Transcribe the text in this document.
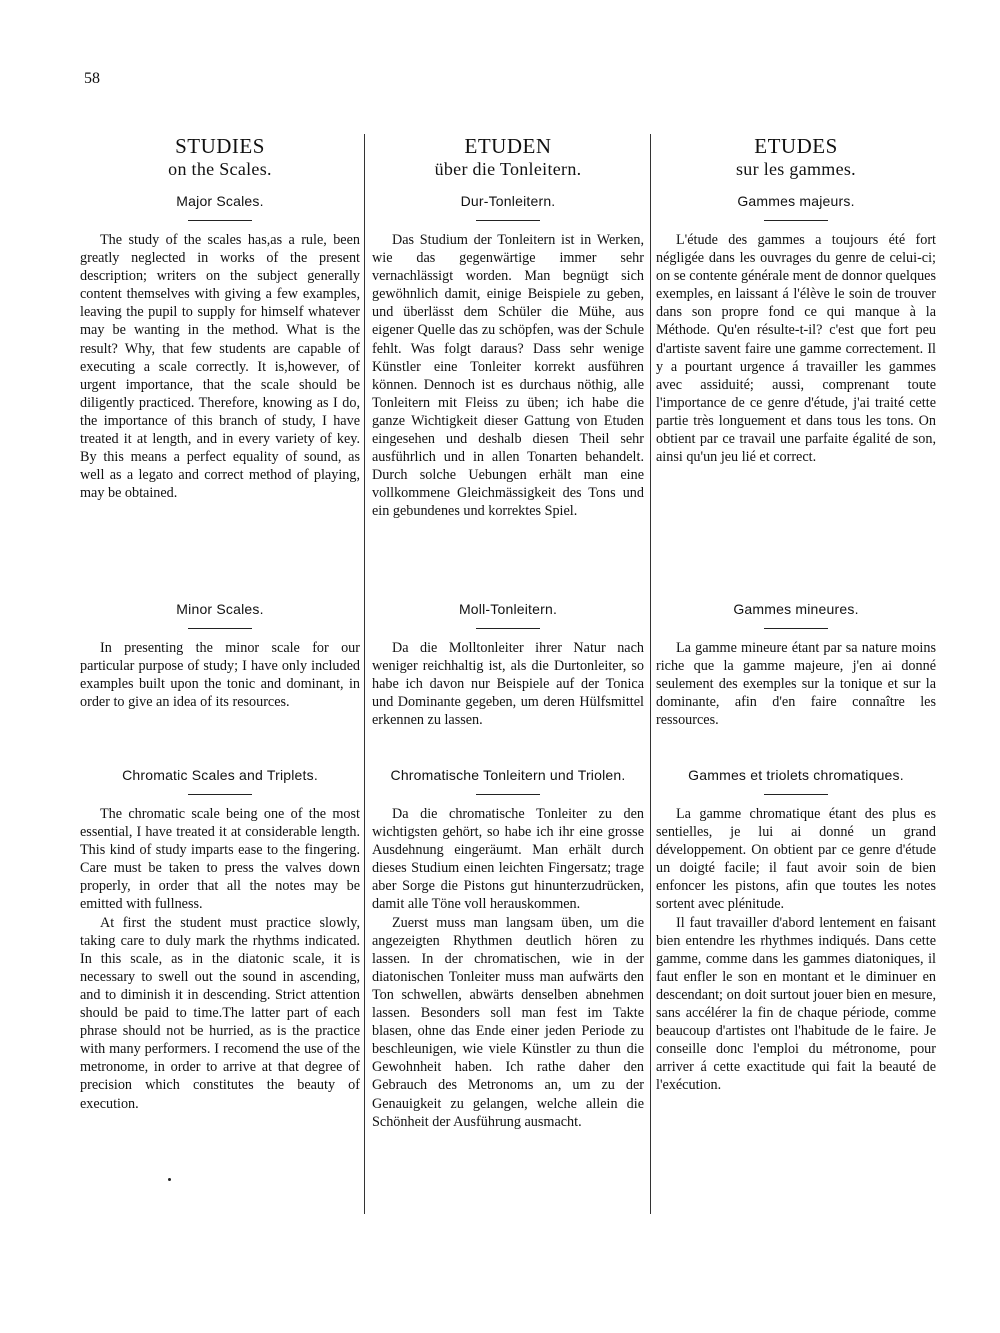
58
STUDIES
on the Scales.
Major Scales.

The study of the scales has,as a rule, been greatly neglected in works of the present description; writers on the subject generally content themselves with giving a few examples, leaving the pupil to supply for himself whatever may be wanting in the method. What is the result? Why, that few students are capable of executing a scale correctly. It is,however, of urgent importance, that the scale should be diligently practiced. Therefore, knowing as I do, the importance of this branch of study, I have treated it at length, and in every variety of key. By this means a perfect equality of sound, as well as a legato and correct method of playing, may be obtained.

Minor Scales.

In presenting the minor scale for our particular purpose of study; I have only included examples built upon the tonic and dominant, in order to give an idea of its resources.

Chromatic Scales and Triplets.

The chromatic scale being one of the most essential, I have treated it at considerable length. This kind of study imparts ease to the fingering. Care must be taken to press the valves down properly, in order that all the notes may be emitted with fullness.

At first the student must practice slowly, taking care to duly mark the rhythms indicated. In this scale, as in the diatonic scale, it is necessary to swell out the sound in ascending, and to diminish it in descending. Strict attention should be paid to time.The latter part of each phrase should not be hurried, as is the practice with many performers. I recomend the use of the metronome, in order to arrive at that degree of precision which constitutes the beauty of execution.

ETUDEN
über die Tonleitern.
Dur-Tonleitern.

Das Studium der Tonleitern ist in Werken, wie das gegenwärtige immer sehr vernachlässigt worden. Man begnügt sich gewöhnlich damit, einige Beispiele zu geben, und überlässt dem Schüler die Mühe, aus eigener Quelle das zu schöpfen, was der Schule fehlt. Was folgt daraus? Dass sehr wenige Künstler eine Tonleiter korrekt ausführen können. Dennoch ist es durchaus nöthig, alle Tonleitern mit Fleiss zu üben; ich habe die ganze Wichtigkeit dieser Gattung von Etuden eingesehen und deshalb diesen Theil sehr ausführlich und in allen Tonarten behandelt. Durch solche Uebungen erhält man eine vollkommene Gleichmässigkeit des Tons und ein gebundenes und korrektes Spiel.

Moll-Tonleitern.

Da die Molltonleiter ihrer Natur nach weniger reichhaltig ist, als die Durtonleiter, so habe ich davon nur Beispiele auf der Tonica und Dominante gegeben, um deren Hülfsmittel erkennen zu lassen.

Chromatische Tonleitern und Triolen.

Da die chromatische Tonleiter zu den wichtigsten gehört, so habe ich ihr eine grosse Ausdehnung eingeräumt. Man erhält durch dieses Studium einen leichten Fingersatz; trage aber Sorge die Pistons gut hinunterzudrücken, damit alle Töne voll herauskommen.

Zuerst muss man langsam üben, um die angezeigten Rhythmen deutlich hören zu lassen. In der chromatischen, wie in der diatonischen Tonleiter muss man aufwärts den Ton schwellen, abwärts denselben abnehmen lassen. Besonders soll man fest im Takte blasen, ohne das Ende einer jeden Periode zu beschleunigen, wie viele Künstler zu thun die Gewohnheit haben. Ich rathe daher den Gebrauch des Metronoms an, um zu der Genauigkeit zu gelangen, welche allein die Schönheit der Ausführung ausmacht.

ETUDES
sur les gammes.
Gammes majeurs.

L'étude des gammes a toujours été fort négligée dans les ouvrages du genre de celui-ci; on se contente générale ment de donnor quelques exemples, en laissant á l'élève le soin de trouver dans son propre fond ce qui manque à la Méthode. Qu'en résulte-t-il? c'est que fort peu d'artiste savent faire une gamme correctement. Il y a pourtant urgence á travailler les gammes avec assiduité; aussi, comprenant toute l'importance de ce genre d'étude, j'ai traité cette partie très longuement et dans tous les tons. On obtient par ce travail une parfaite égalité de son, ainsi qu'un jeu lié et correct.

Gammes mineures.

La gamme mineure étant par sa nature moins riche que la gamme majeure, j'en ai donné seulement des exemples sur la tonique et sur la dominante, afin d'en faire connaître les ressources.

Gammes et triolets chromatiques.

La gamme chromatique étant des plus es sentielles, je lui ai donné un grand développement. On obtient par ce genre d'étude un doigté facile; il faut avoir soin de bien enfoncer les pistons, afin que toutes les notes sortent avec plénitude.

Il faut travailler d'abord lentement en faisant bien entendre les rhythmes indiqués. Dans cette gamme, comme dans les gammes diatoniques, il faut enfler le son en montant et le diminuer en descendant; on doit surtout jouer bien en mesure, sans accélérer la fin de chaque période, comme beaucoup d'artistes ont l'habitude de le faire. Je conseille donc l'emploi du métronome, pour arriver á cette exactitude qui fait la beauté de l'exécution.
